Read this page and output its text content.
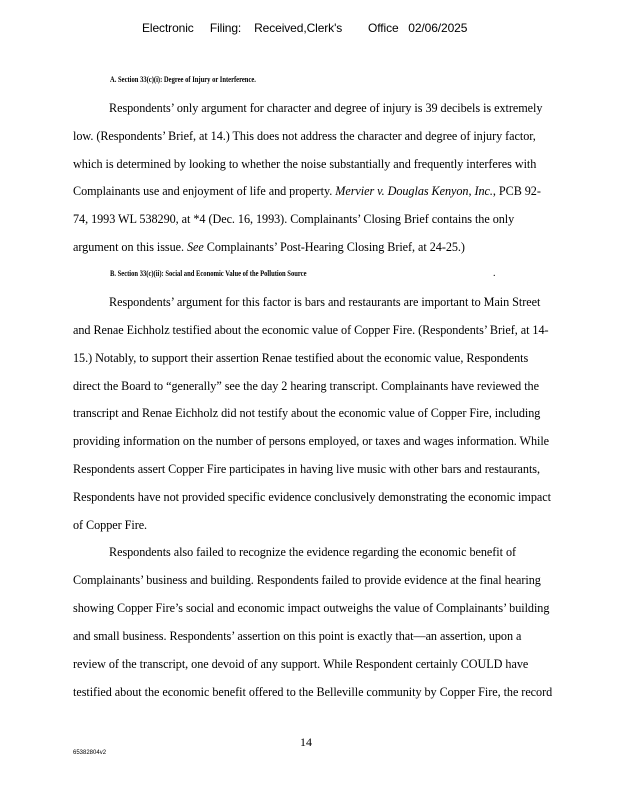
Electronic     Filing:    Received,Clerk's        Office   02/06/2025
A. Section 33(c)(i): Degree of Injury or Interference.
Respondents’ only argument for character and degree of injury is 39 decibels is extremely
low. (Respondents’ Brief, at 14.) This does not address the character and degree of injury factor,
which is determined by looking to whether the noise substantially and frequently interferes with
Complainants use and enjoyment of life and property. Mervier v. Douglas Kenyon, Inc., PCB 92-
74, 1993 WL 538290, at *4 (Dec. 16, 1993). Complainants’ Closing Brief contains the only
argument on this issue. See Complainants’ Post-Hearing Closing Brief, at 24-25.)
B. Section 33(c)(ii): Social and Economic Value of the Pollution Source	.
Respondents’ argument for this factor is bars and restaurants are important to Main Street
and Renae Eichholz testified about the economic value of Copper Fire. (Respondents’ Brief, at 14-
15.) Notably, to support their assertion Renae testified about the economic value, Respondents
direct the Board to “generally” see the day 2 hearing transcript. Complainants have reviewed the
transcript and Renae Eichholz did not testify about the economic value of Copper Fire, including
providing information on the number of persons employed, or taxes and wages information. While
Respondents assert Copper Fire participates in having live music with other bars and restaurants,
Respondents have not provided specific evidence conclusively demonstrating the economic impact
of Copper Fire.
Respondents also failed to recognize the evidence regarding the economic benefit of
Complainants’ business and building. Respondents failed to provide evidence at the final hearing
showing Copper Fire’s social and economic impact outweighs the value of Complainants’ building
and small business. Respondents’ assertion on this point is exactly that—an assertion, upon a
review of the transcript, one devoid of any support. While Respondent certainly COULD have
testified about the economic benefit offered to the Belleville community by Copper Fire, the record
14
65382804v2
